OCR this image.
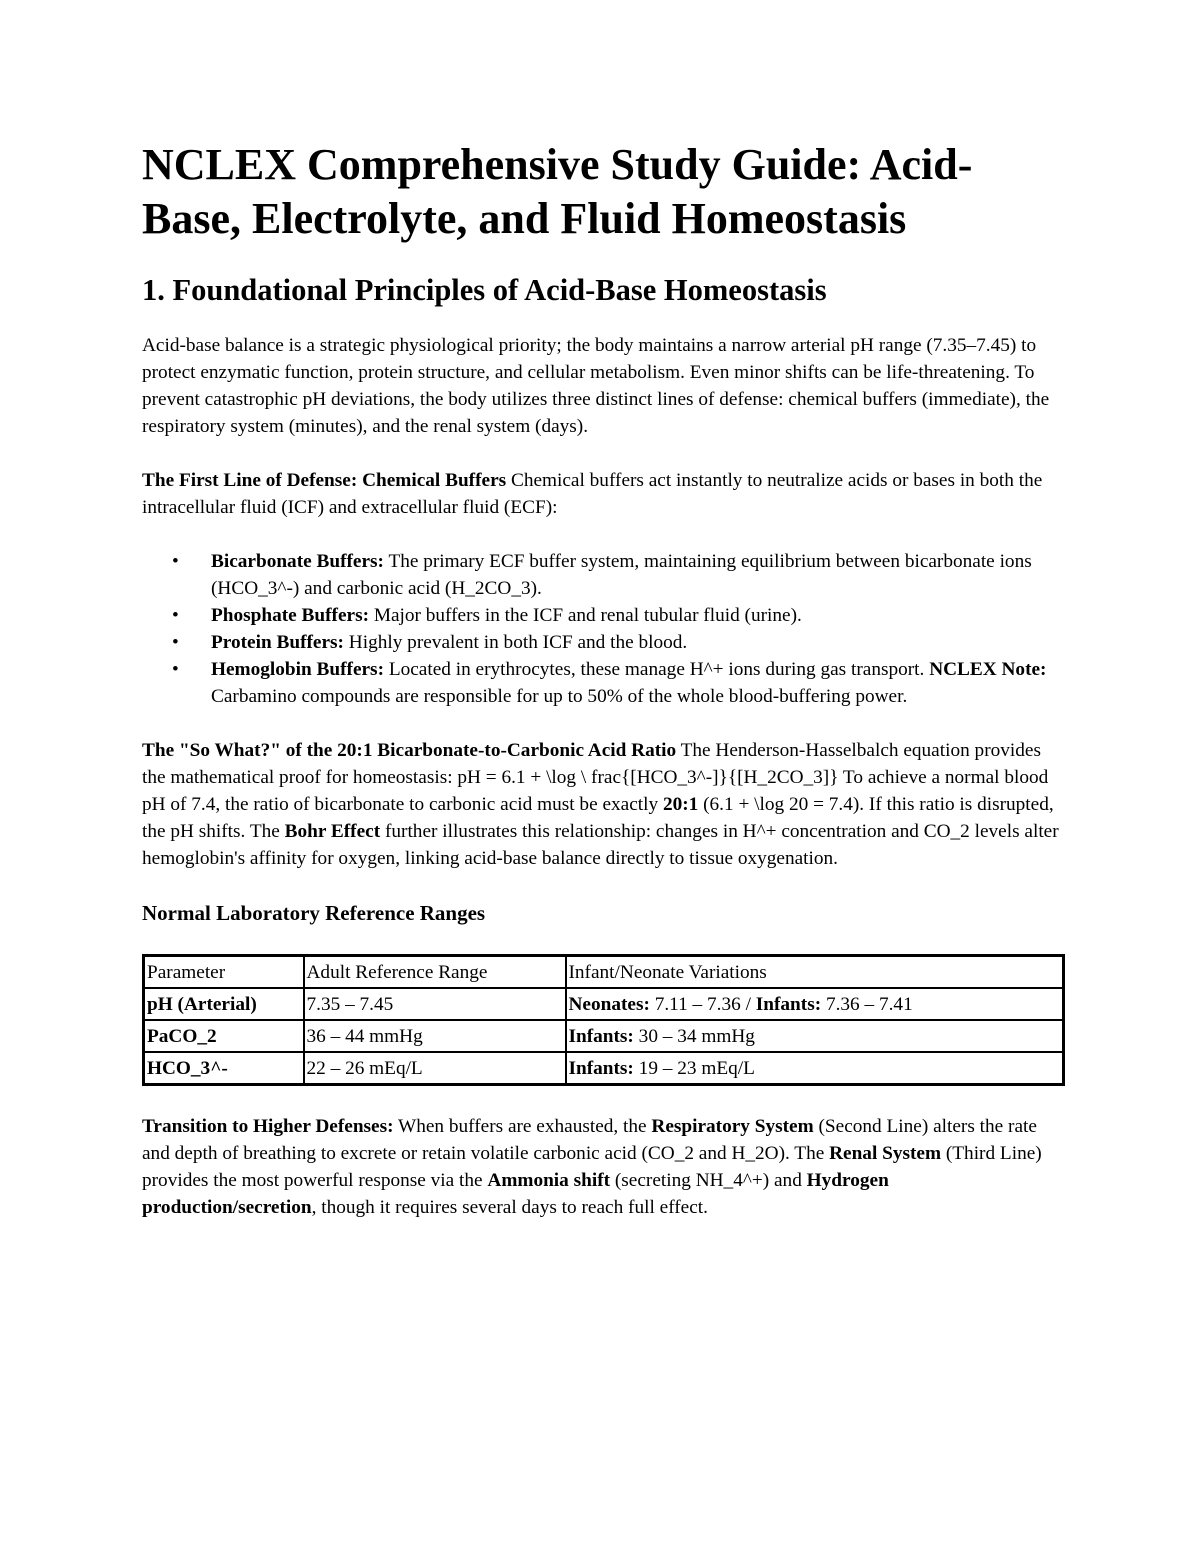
NCLEX Comprehensive Study Guide: Acid-Base, Electrolyte, and Fluid Homeostasis
1. Foundational Principles of Acid-Base Homeostasis

Acid-base balance is a strategic physiological priority; the body maintains a narrow arterial pH range (7.35–7.45) to protect enzymatic function, protein structure, and cellular metabolism. Even minor shifts can be life-threatening. To prevent catastrophic pH deviations, the body utilizes three distinct lines of defense: chemical buffers (immediate), the respiratory system (minutes), and the renal system (days).

The First Line of Defense: Chemical Buffers Chemical buffers act instantly to neutralize acids or bases in both the intracellular fluid (ICF) and extracellular fluid (ECF):

• Bicarbonate Buffers: The primary ECF buffer system, maintaining equilibrium between bicarbonate ions (HCO_3^-) and carbonic acid (H_2CO_3).
• Phosphate Buffers: Major buffers in the ICF and renal tubular fluid (urine).
• Protein Buffers: Highly prevalent in both ICF and the blood.
• Hemoglobin Buffers: Located in erythrocytes, these manage H^+ ions during gas transport. NCLEX Note: Carbamino compounds are responsible for up to 50% of the whole blood-buffering power.

The "So What?" of the 20:1 Bicarbonate-to-Carbonic Acid Ratio The Henderson-Hasselbalch equation provides the mathematical proof for homeostasis: pH = 6.1 + \log \ frac{[HCO_3^-]}{[H_2CO_3]} To achieve a normal blood pH of 7.4, the ratio of bicarbonate to carbonic acid must be exactly 20:1 (6.1 + \log 20 = 7.4). If this ratio is disrupted, the pH shifts. The Bohr Effect further illustrates this relationship: changes in H^+ concentration and CO_2 levels alter hemoglobin's affinity for oxygen, linking acid-base balance directly to tissue oxygenation.

Normal Laboratory Reference Ranges
Parameter	Adult Reference Range	Infant/Neonate Variations
pH (Arterial)	7.35 – 7.45	Neonates: 7.11 – 7.36 / Infants: 7.36 – 7.41
PaCO_2	36 – 44 mmHg	Infants: 30 – 34 mmHg
HCO_3^-	22 – 26 mEq/L	Infants: 19 – 23 mEq/L

Transition to Higher Defenses: When buffers are exhausted, the Respiratory System (Second Line) alters the rate and depth of breathing to excrete or retain volatile carbonic acid (CO_2 and H_2O). The Renal System (Third Line) provides the most powerful response via the Ammonia shift (secreting NH_4^+) and Hydrogen production/secretion, though it requires several days to reach full effect.
